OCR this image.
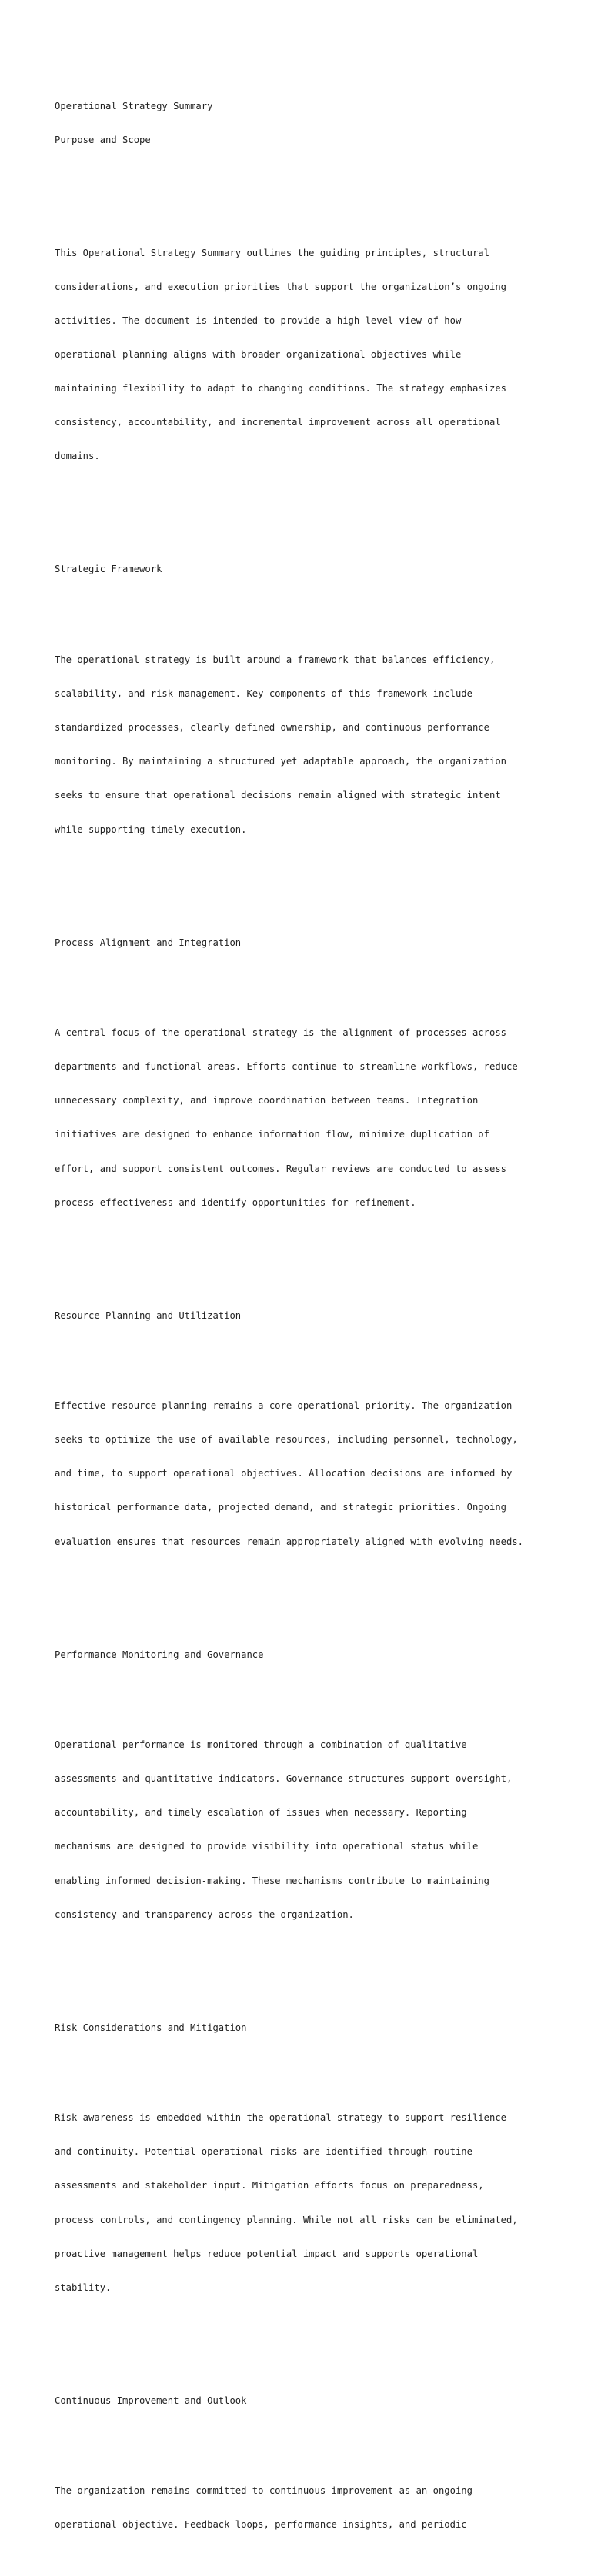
Operational Strategy Summary

Purpose and Scope

This Operational Strategy Summary outlines the guiding principles, structural

considerations, and execution priorities that support the organization’s ongoing

activities. The document is intended to provide a high-level view of how

operational planning aligns with broader organizational objectives while

maintaining flexibility to adapt to changing conditions. The strategy emphasizes

consistency, accountability, and incremental improvement across all operational

domains.

Strategic Framework

The operational strategy is built around a framework that balances efficiency,

scalability, and risk management. Key components of this framework include

standardized processes, clearly defined ownership, and continuous performance

monitoring. By maintaining a structured yet adaptable approach, the organization

seeks to ensure that operational decisions remain aligned with strategic intent

while supporting timely execution.

Process Alignment and Integration

A central focus of the operational strategy is the alignment of processes across

departments and functional areas. Efforts continue to streamline workflows, reduce

unnecessary complexity, and improve coordination between teams. Integration

initiatives are designed to enhance information flow, minimize duplication of

effort, and support consistent outcomes. Regular reviews are conducted to assess

process effectiveness and identify opportunities for refinement.

Resource Planning and Utilization

Effective resource planning remains a core operational priority. The organization

seeks to optimize the use of available resources, including personnel, technology,

and time, to support operational objectives. Allocation decisions are informed by

historical performance data, projected demand, and strategic priorities. Ongoing

evaluation ensures that resources remain appropriately aligned with evolving needs.

Performance Monitoring and Governance

Operational performance is monitored through a combination of qualitative

assessments and quantitative indicators. Governance structures support oversight,

accountability, and timely escalation of issues when necessary. Reporting

mechanisms are designed to provide visibility into operational status while

enabling informed decision-making. These mechanisms contribute to maintaining

consistency and transparency across the organization.

Risk Considerations and Mitigation

Risk awareness is embedded within the operational strategy to support resilience

and continuity. Potential operational risks are identified through routine

assessments and stakeholder input. Mitigation efforts focus on preparedness,

process controls, and contingency planning. While not all risks can be eliminated,

proactive management helps reduce potential impact and supports operational

stability.

Continuous Improvement and Outlook

The organization remains committed to continuous improvement as an ongoing

operational objective. Feedback loops, performance insights, and periodic
